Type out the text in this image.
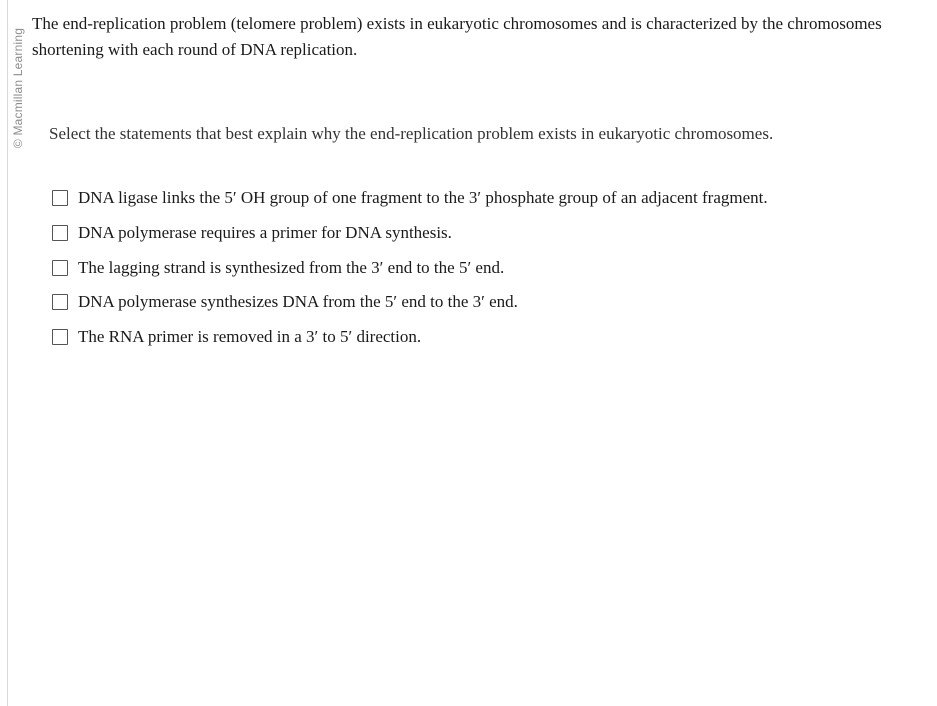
© Macmillan Learning

The end-replication problem (telomere problem) exists in eukaryotic chromosomes and is characterized by the chromosomes shortening with each round of DNA replication.

Select the statements that best explain why the end-replication problem exists in eukaryotic chromosomes.

DNA ligase links the 5′ OH group of one fragment to the 3′ phosphate group of an adjacent fragment.
DNA polymerase requires a primer for DNA synthesis.
The lagging strand is synthesized from the 3′ end to the 5′ end.
DNA polymerase synthesizes DNA from the 5′ end to the 3′ end.
The RNA primer is removed in a 3′ to 5′ direction.
